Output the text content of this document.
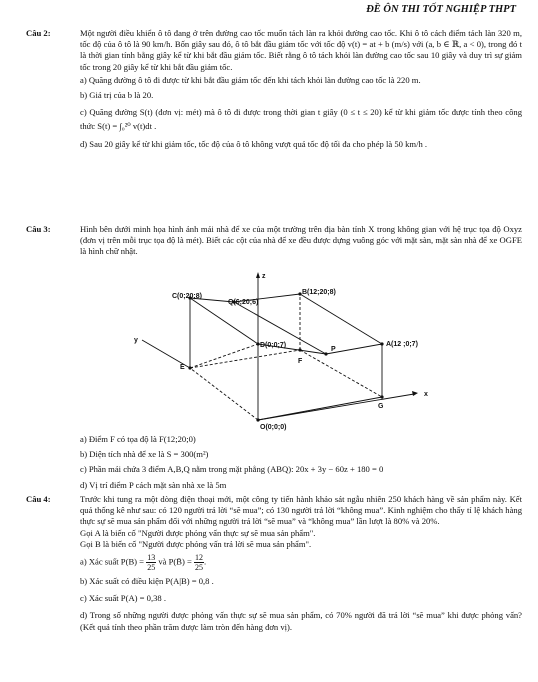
ĐỀ ÔN THI TỐT NGHIỆP THPT
Câu 2:	Một người điều khiển ô tô đang ở trên đường cao tốc muốn tách làn ra khỏi đường cao tốc. Khi ô tô cách điểm tách làn 320 m, tốc độ của ô tô là 90 km/h. Bốn giây sau đó, ô tô bắt đầu giảm tốc với tốc độ v(t) = at + b (m/s) với (a, b ∈ ℝ, a < 0), trong đó t là thời gian tính bằng giây kể từ khi bắt đầu giảm tốc. Biết rằng ô tô tách khỏi làn đường cao tốc sau 10 giây và duy trì sự giảm tốc trong 20 giây kể từ khi bắt đầu giảm tốc.

a) Quãng đường ô tô đi được từ khi bắt đầu giảm tốc đến khi tách khỏi làn đường cao tốc là 220 m.

b) Giá trị của b là 20.

c) Quãng đường S(t) (đơn vị: mét) mà ô tô đi được trong thời gian t giây (0 ≤ t ≤ 20) kể từ khi giảm tốc được tính theo công thức S(t) = ∫₀²⁰ v(t)dt .

d) Sau 20 giây kể từ khi giảm tốc, tốc độ của ô tô không vượt quá tốc độ tối đa cho phép là 50 km/h .

Câu 3:	Hình bên dưới minh họa hình ảnh mái nhà để xe của một trường trên địa bàn tỉnh X trong không gian với hệ trục tọa độ Oxyz (đơn vị trên mỗi trục tọa độ là mét). Biết các cột của nhà để xe đều được dựng vuông góc với mặt sàn, mặt sàn nhà để xe OGFE là hình chữ nhật.

C(0;20;8)
Q(6;20;6)
B(12;20;8)
D(0;0;7)
P
A(12 ;0;7)
E
F
G
O(0;0;0)
x
y
z

a) Điểm F có tọa độ là F(12;20;0)

b) Diện tích nhà để xe là S = 300(m²)

c) Phần mái chứa 3 điểm A,B,Q nằm trong mặt phẳng (ABQ): 20x + 3y − 60z + 180 = 0

d) Vị trí điểm P cách mặt sàn nhà xe là 5m

Câu 4:	Trước khi tung ra một dòng điện thoại mới, một công ty tiến hành khảo sát ngẫu nhiên 250 khách hàng về sản phẩm này. Kết quả thống kê như sau: có 120 người trả lời “sẽ mua”; có 130 người trả lời “không mua”. Kinh nghiệm cho thấy tỉ lệ khách hàng thực sự sẽ mua sản phẩm đối với những người trả lời “sẽ mua” và “không mua” lần lượt là 80% và 20%.

Gọi A là biến cố "Người được phỏng vấn thực sự sẽ mua sản phẩm".

Gọi B là biến cố "Người được phỏng vấn trả lời sẽ mua sản phẩm".

a) Xác suất $P(B) = \frac{13}{25}$ và P(B̄) = $\frac{12}{25}$ .

b) Xác suất có điều kiện P(A|B) = 0,8 .

c) Xác suất P(A) = 0,38 .

d) Trong số những người được phỏng vấn thực sự sẽ mua sản phẩm, có 70% người đã trả lời “sẽ mua” khi được phỏng vấn? (Kết quả tính theo phần trăm được làm tròn đến hàng đơn vị).
